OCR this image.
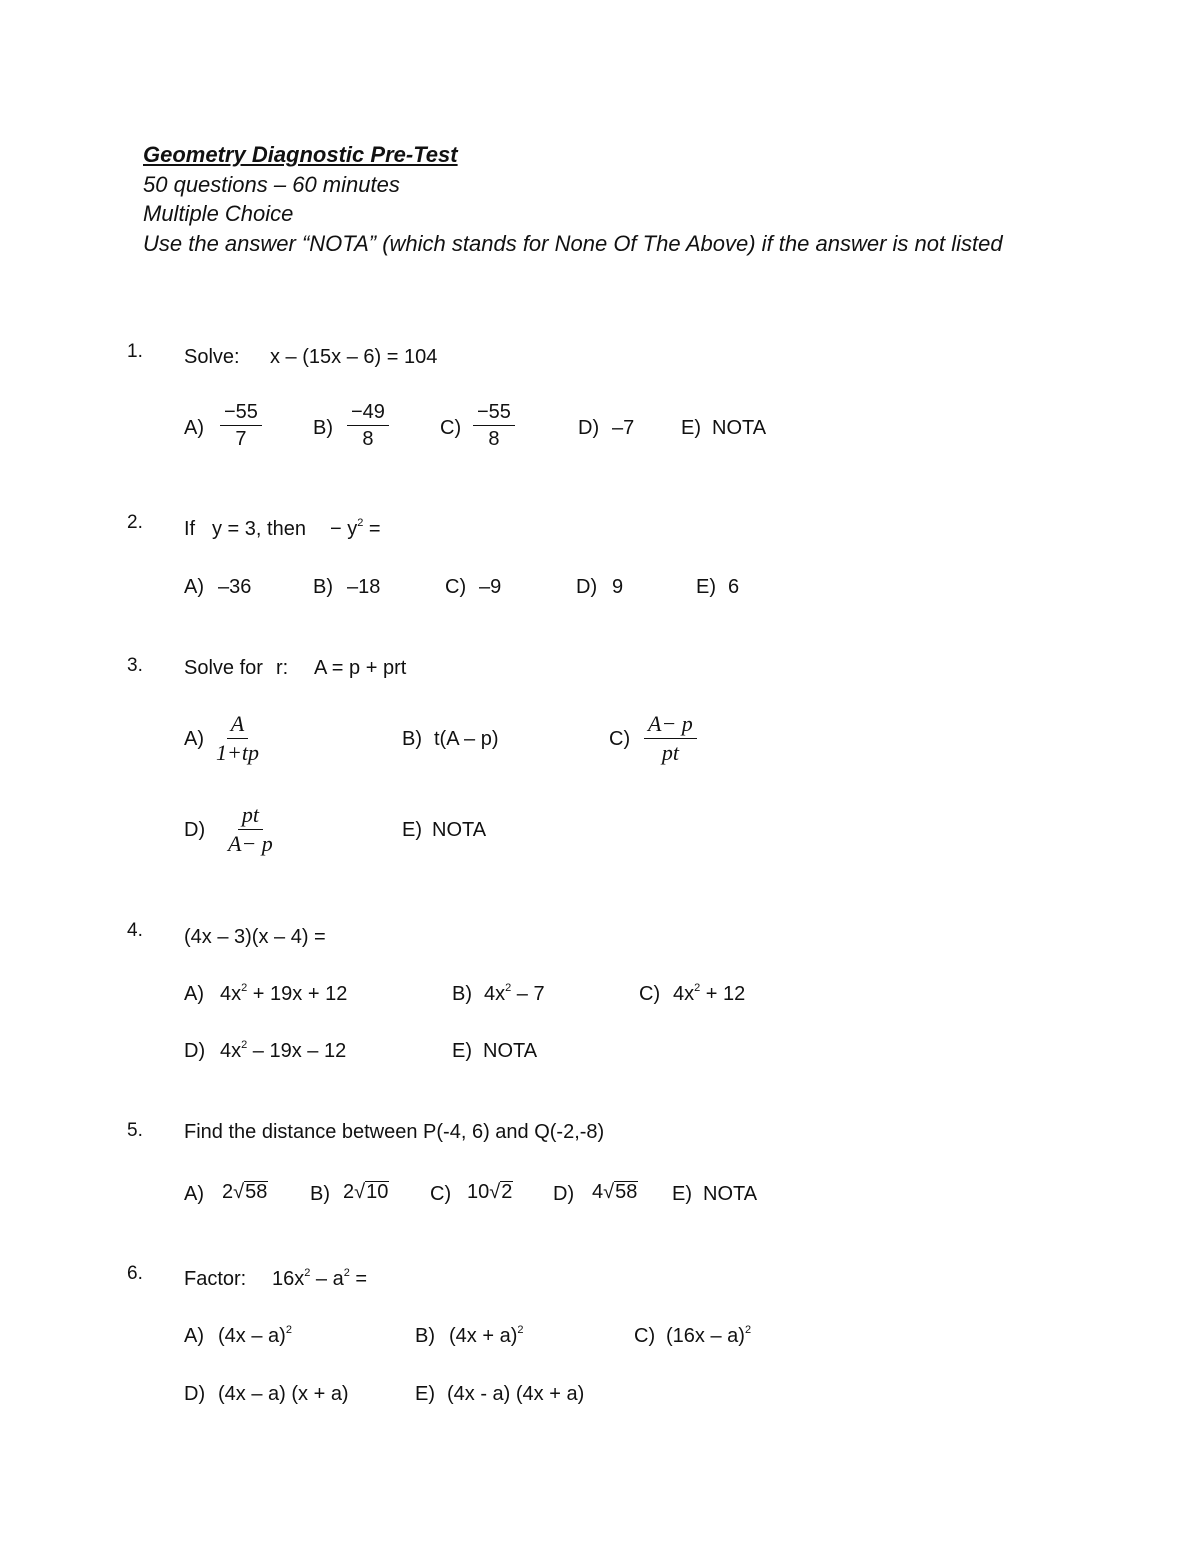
Geometry Diagnostic Pre-Test
50 questions – 60 minutes
Multiple Choice
Use the answer “NOTA” (which stands for None Of The Above) if the answer is not listed
1. Solve: x – (15x – 6) = 104
$A) \frac{-55}{7}$	$B) \frac{-49}{8}$	$C) \frac{-55}{8}$	D) –7 E) NOTA
2. If y = 3, then − $y^2$ =
A) –36	B) –18	C) –9	D) 9	E) 6
3. Solve for r: A = p + prt
$A) \frac{A}{1+tp}$	B) t(A – p)	$C) \frac{A- p}{pt}$
$D) \frac{pt}{A- p}$	E) NOTA
4. (4x – 3)(x – 4) =
A) $4x^2 + 19x + 12$	B) $4x^2 - 7$	C) $4x^2 + 12$
D) $4x^2 - 19x - 12$	E) NOTA
5. Find the distance between P(-4, 6) and Q(-2,-8)
A) 2√58 B) 2√10 C) 10√2 D) 4√58 E) NOTA
6. Factor: $16x^2 - a^2$ =
A) (4x – a)$^2$	B) $(4x + a)^2$	C) (16x – a)$^2$
D) (4x – a) (x + a)	E) (4x - a) (4x + a)
